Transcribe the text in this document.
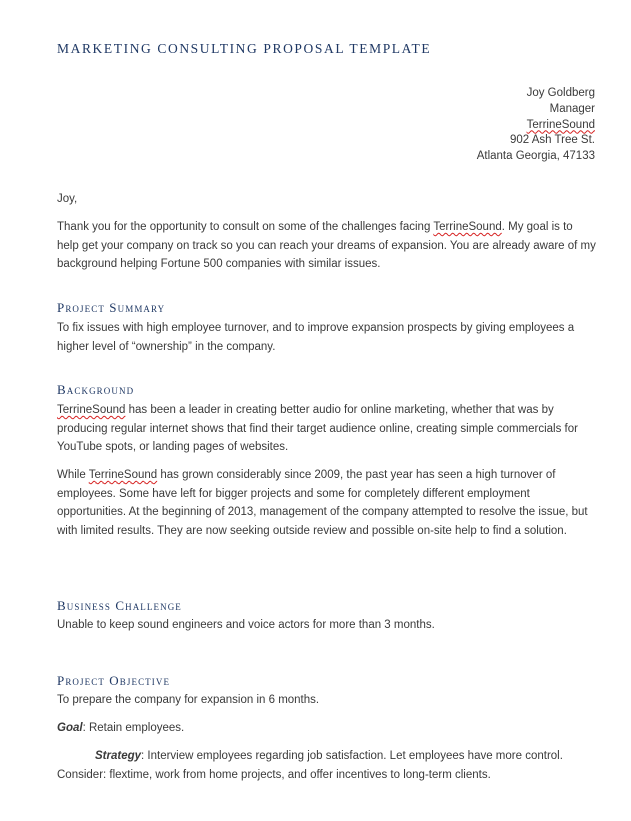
MARKETING CONSULTING PROPOSAL TEMPLATE
Joy Goldberg
Manager
TerrineSound
902 Ash Tree St.
Atlanta Georgia, 47133
Joy,
Thank you for the opportunity to consult on some of the challenges facing TerrineSound. My goal is to help get your company on track so you can reach your dreams of expansion. You are already aware of my background helping Fortune 500 companies with similar issues.
Project Summary
To fix issues with high employee turnover, and to improve expansion prospects by giving employees a higher level of “ownership” in the company.
Background
TerrineSound has been a leader in creating better audio for online marketing, whether that was by producing regular internet shows that find their target audience online, creating simple commercials for YouTube spots, or landing pages of websites.
While TerrineSound has grown considerably since 2009, the past year has seen a high turnover of employees. Some have left for bigger projects and some for completely different employment opportunities. At the beginning of 2013, management of the company attempted to resolve the issue, but with limited results. They are now seeking outside review and possible on-site help to find a solution.
Business Challenge
Unable to keep sound engineers and voice actors for more than 3 months.
Project Objective
To prepare the company for expansion in 6 months.
Goal: Retain employees.
Strategy: Interview employees regarding job satisfaction. Let employees have more control. Consider: flextime, work from home projects, and offer incentives to long-term clients.
